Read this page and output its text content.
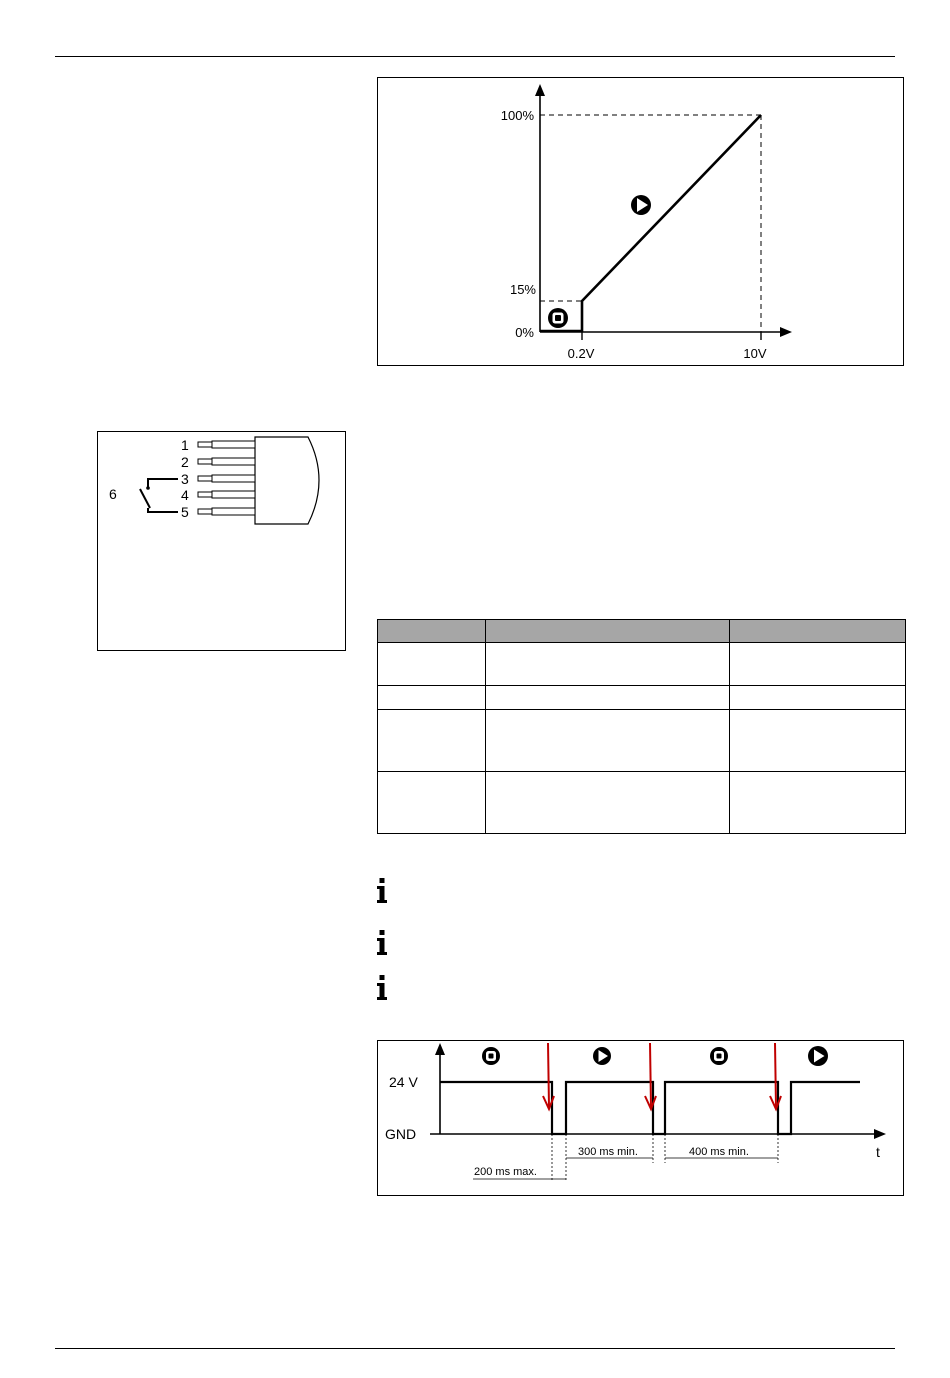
100%
15%
0%
0.2V	10V
1
2
3
4
5
6

24 V
GND
t
200 ms max.
300 ms min.	400 ms min.
